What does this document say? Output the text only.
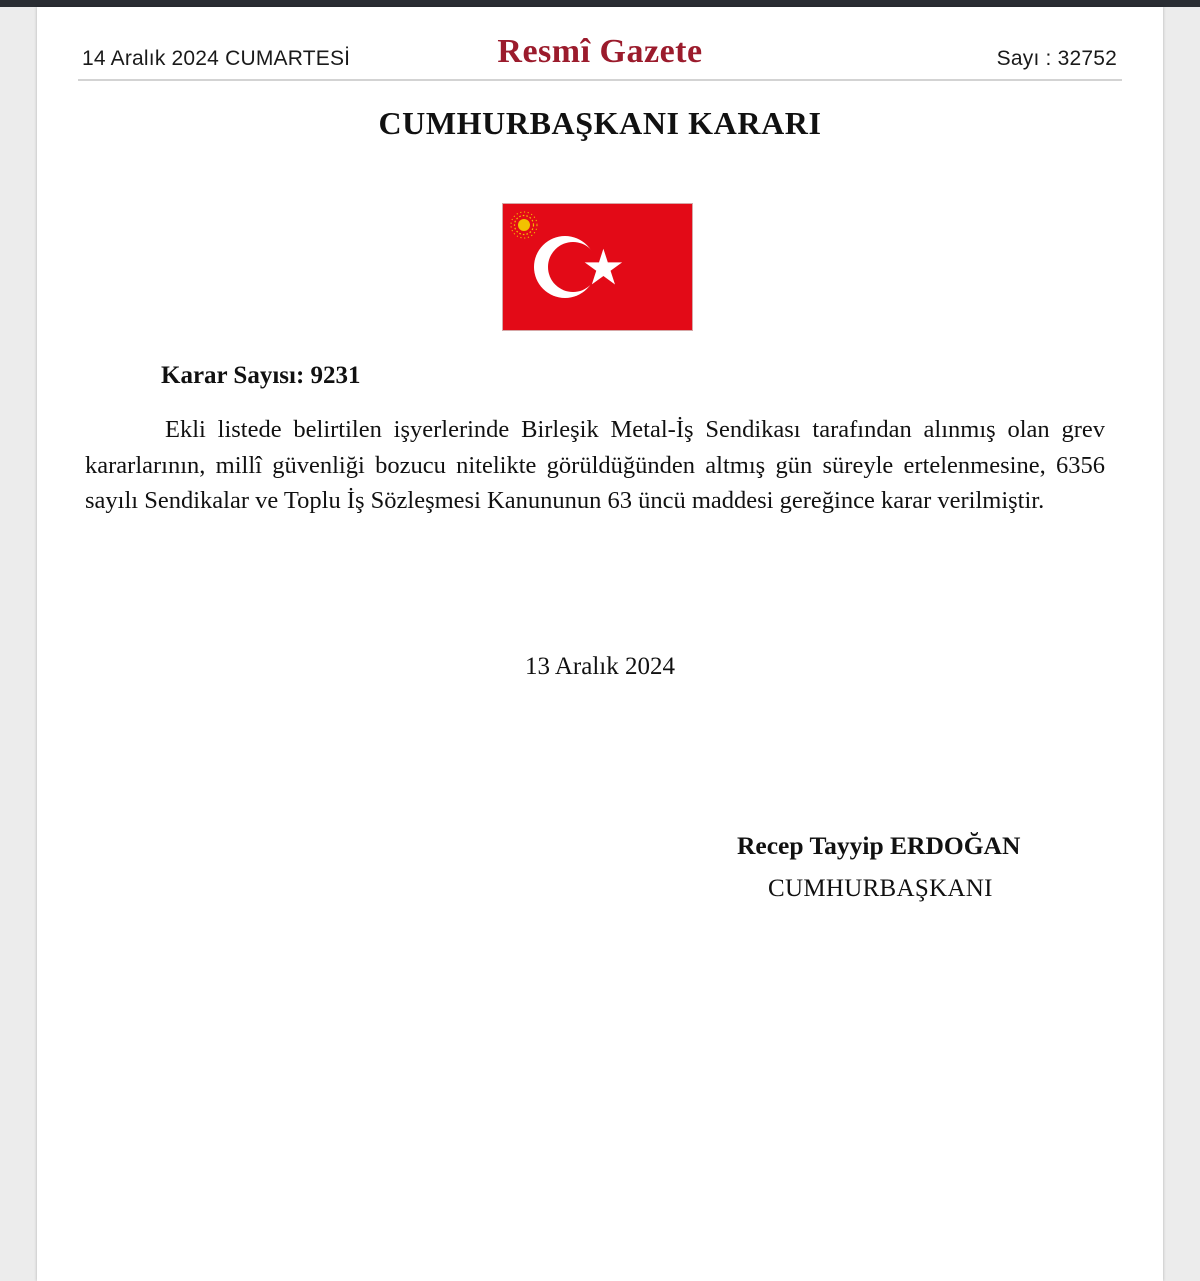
14 Aralık 2024 CUMARTESİ	Resmî Gazete	Sayı : 32752
CUMHURBAŞKANI KARARI
Karar Sayısı: 9231

Ekli listede belirtilen işyerlerinde Birleşik Metal-İş Sendikası tarafından alınmış olan grev kararlarının, millî güvenliği bozucu nitelikte görüldüğünden altmış gün süreyle ertelenmesine, 6356 sayılı Sendikalar ve Toplu İş Sözleşmesi Kanununun 63 üncü maddesi gereğince karar verilmiştir.

13 Aralık 2024
Recep Tayyip ERDOĞAN
CUMHURBAŞKANI
